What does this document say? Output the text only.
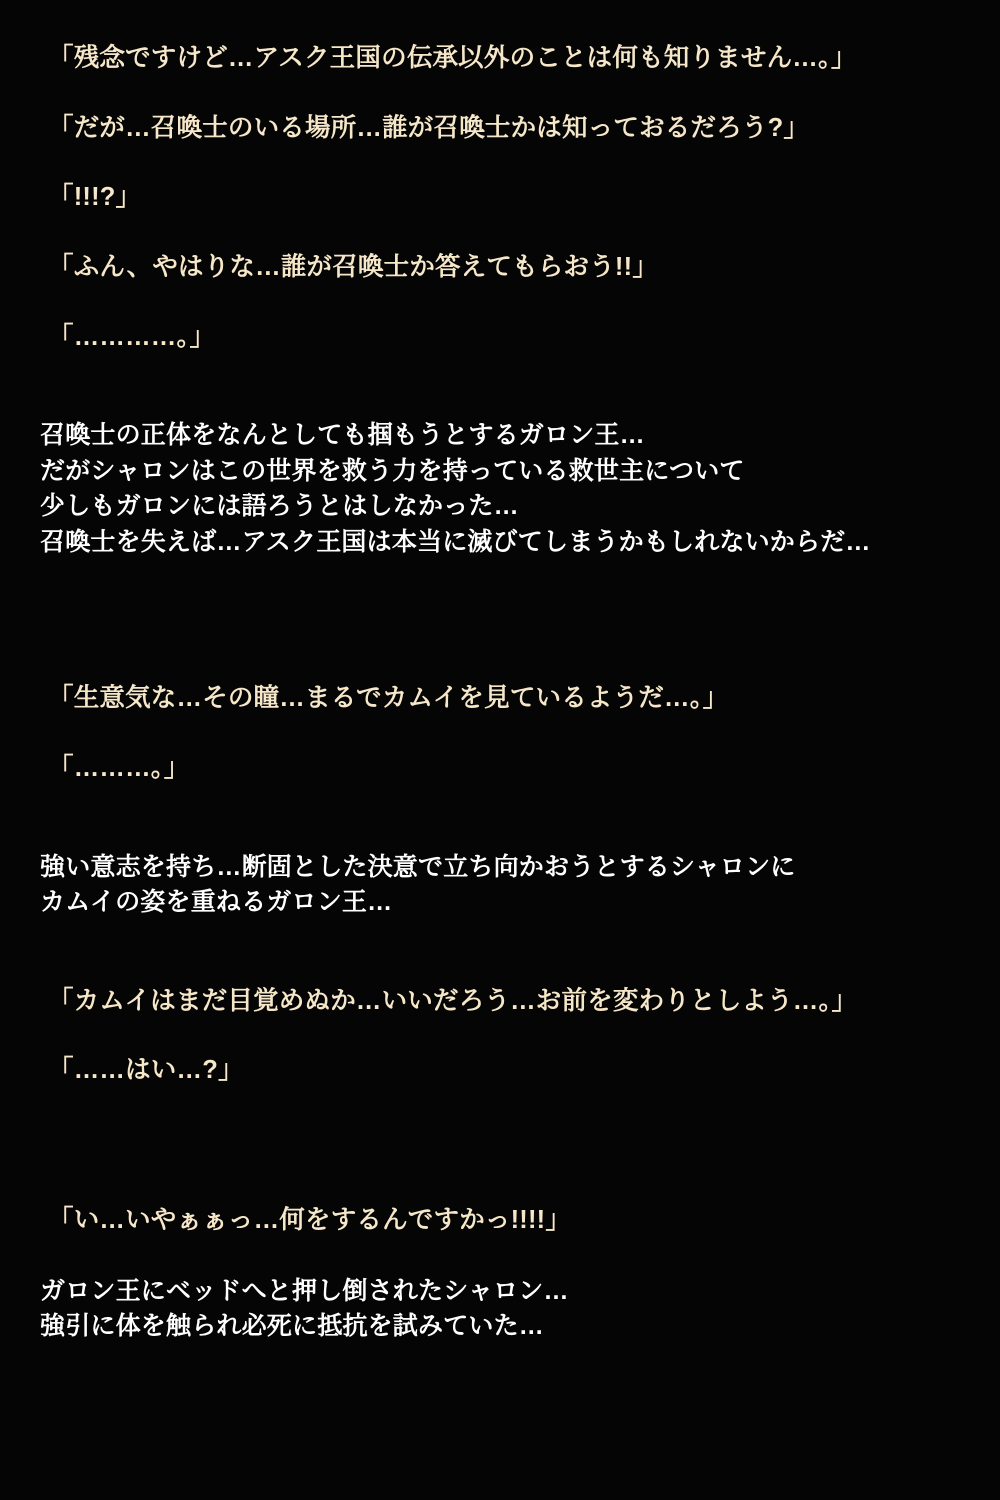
「残念ですけど…アスク王国の伝承以外のことは何も知りません…。」
「だが…召喚士のいる場所…誰が召喚士かは知っておるだろう?」
「!!!?」
「ふん、やはりな…誰が召喚士か答えてもらおう!!」
「…………。」
召喚士の正体をなんとしても掴もうとするガロン王…
だがシャロンはこの世界を救う力を持っている救世主について
少しもガロンには語ろうとはしなかった…
召喚士を失えば…アスク王国は本当に滅びてしまうかもしれないからだ…
「生意気な…その瞳…まるでカムイを見ているようだ…。」
「………。」
強い意志を持ち…断固とした決意で立ち向かおうとするシャロンに
カムイの姿を重ねるガロン王…
「カムイはまだ目覚めぬか…いいだろう…お前を変わりとしよう…。」
「……はい…?」
「い…いやぁぁっ…何をするんですかっ!!!!」
ガロン王にベッドへと押し倒されたシャロン…
強引に体を触られ必死に抵抗を試みていた…
